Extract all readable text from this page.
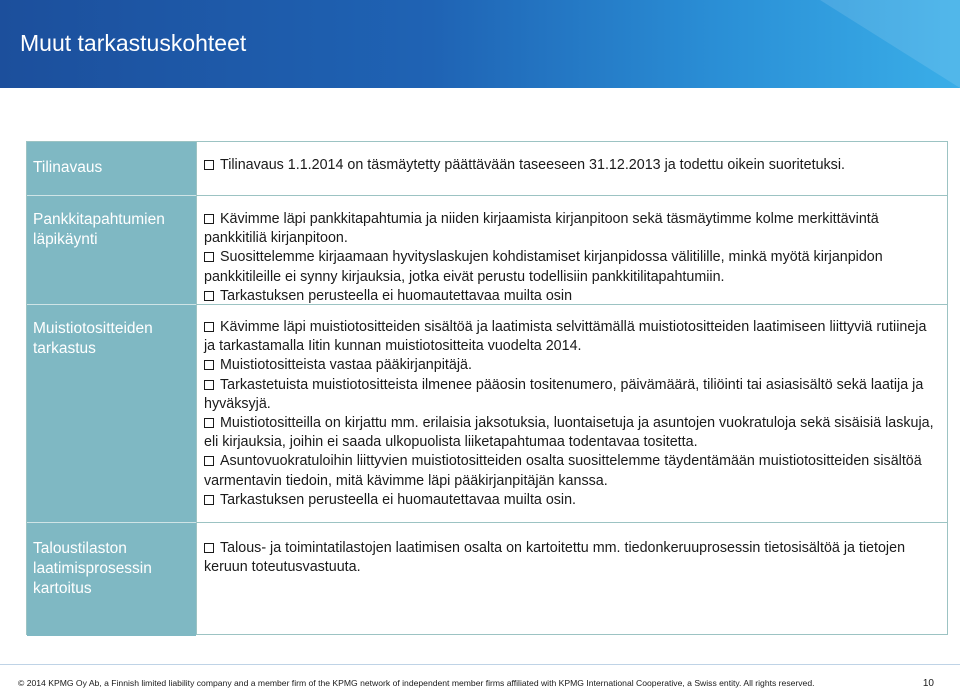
Muut tarkastuskohteet
Tilinavaus
Pankkitapahtumien läpikäynti
Muistiotositteiden tarkastus
Taloustilaston laatimisprosessin kartoitus
Tilinavaus 1.1.2014 on täsmäytetty päättävään taseeseen 31.12.2013 ja todettu oikein suoritetuksi.
Kävimme läpi pankkitapahtumia ja niiden kirjaamista kirjanpitoon sekä täsmäytimme kolme merkittävintä pankkitiliä kirjanpitoon.
Suosittelemme kirjaamaan hyvityslaskujen kohdistamiset kirjanpidossa välitilille, minkä myötä kirjanpidon pankkitileille ei synny kirjauksia, jotka eivät perustu todellisiin pankkitilitapahtumiin.
Tarkastuksen perusteella ei huomautettavaa muilta osin
Kävimme läpi muistiotositteiden sisältöä ja laatimista selvittämällä muistiotositteiden laatimiseen liittyviä rutiineja ja tarkastamalla Iitin kunnan muistiotositteita vuodelta 2014.
Muistiotositteista vastaa pääkirjanpitäjä.
Tarkastetuista muistiotositteista ilmenee pääosin tositenumero, päivämäärä, tiliöinti tai asiasisältö sekä laatija ja hyväksyjä.
Muistiotositteilla on kirjattu mm. erilaisia jaksotuksia, luontaisetuja ja asuntojen vuokratuloja sekä sisäisiä laskuja, eli kirjauksia, joihin ei saada ulkopuolista liiketapahtumaa todentavaa tositetta.
Asuntovuokratuloihin liittyvien muistiotositteiden osalta suosittelemme täydentämään muistiotositteiden sisältöä varmentavin tiedoin, mitä kävimme läpi pääkirjanpitäjän kanssa.
Tarkastuksen perusteella ei huomautettavaa muilta osin.
Talous- ja toimintatilastojen laatimisen osalta on kartoitettu mm. tiedonkeruuprosessin tietosisältöä ja tietojen keruun toteutusvastuuta.
© 2014 KPMG Oy Ab, a Finnish limited liability company and a member firm of the KPMG network of independent member firms affiliated with KPMG International Cooperative, a Swiss entity. All rights reserved.	10
